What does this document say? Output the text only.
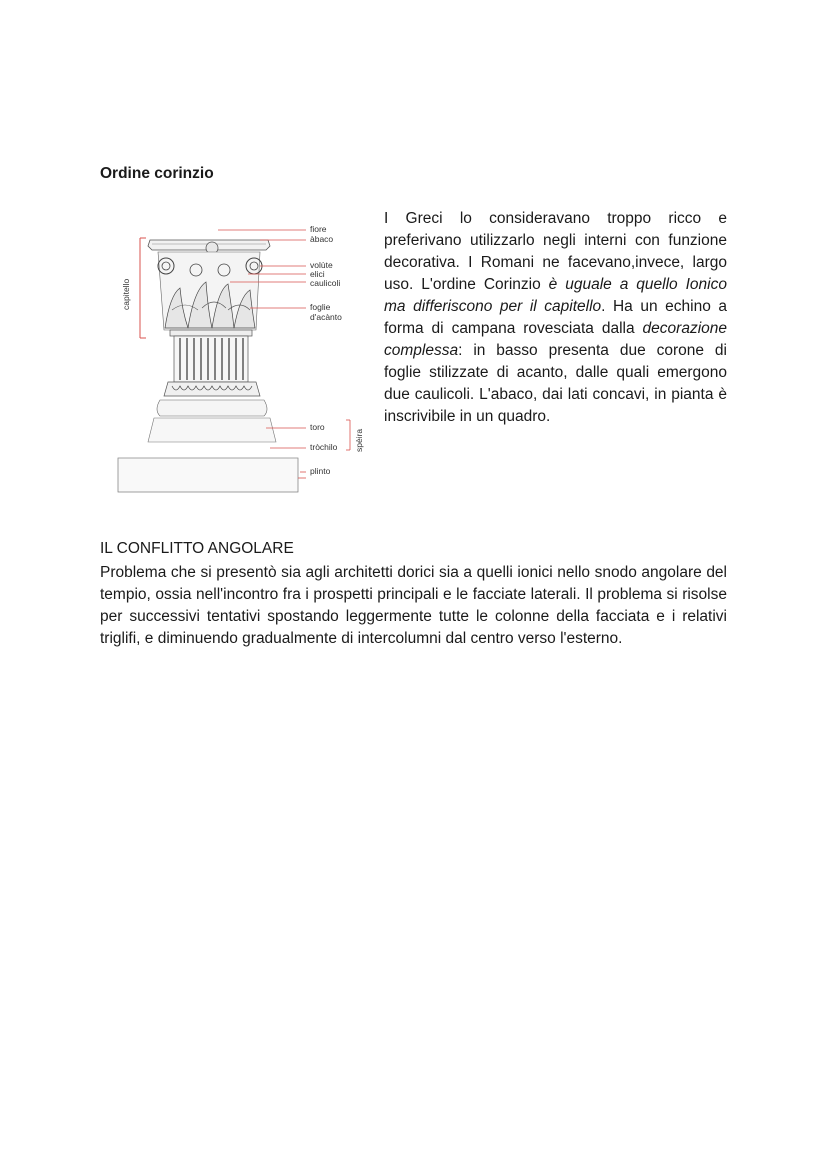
Ordine corinzio
capitello
fiore
àbaco
volùte
elici
caulicoli
foglie
d'acànto
toro
tròchilo spèira
plinto

I Greci lo consideravano troppo ricco e preferivano utilizzarlo negli interni con funzione decorativa. I Romani ne facevano,invece, largo uso. L'ordine Corinzio è uguale a quello Ionico ma differiscono per il capitello. Ha un echino a forma di campana rovesciata dalla decorazione complessa: in basso presenta due corone di foglie stilizzate di acanto, dalle quali emergono due caulicoli. L'abaco, dai lati concavi, in pianta è inscrivibile in un quadro.

IL CONFLITTO ANGOLARE

Problema che si presentò sia agli architetti dorici sia a quelli ionici nello snodo angolare del tempio, ossia nell'incontro fra i prospetti principali e le facciate laterali. Il problema si risolse per successivi tentativi spostando leggermente tutte le colonne della facciata e i relativi triglifi, e diminuendo gradualmente di intercolumni dal centro verso l'esterno.
